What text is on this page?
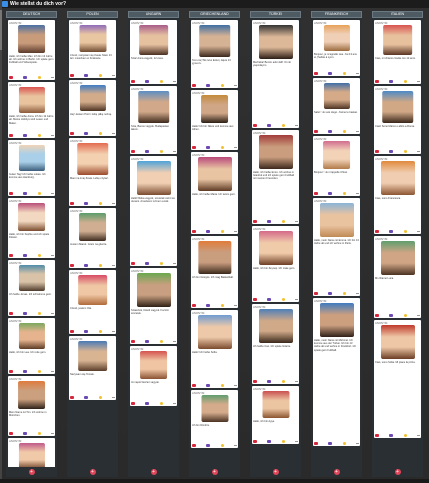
Wie stellst du dich vor?
DEUTSCH
ANONYM
Hallo, ich heiße Max. Ich bin 13 Jahre alt. Ich wohne in Berlin. Ich spiele gern Fußball und Videospiele.
ANONYM
Hallo, ich heiße Anna. Ich bin 12 Jahre alt. Meine Hobbys sind Lesen und Malen.
ANONYM
Guten Tag! Ich heiße Lukas. Ich komme aus Hamburg.
ANONYM
Hallo, ich bin Sophie und ich spiele Klavier.
ANONYM
Ich heiße Jonas. Ich schwimme gern.
ANONYM
Hallo, ich bin Lea. Ich reite gern.
ANONYM
Mein Name ist Tim. Ich wohne in München.
ANONYM
+
POLEN
ANONYM
Cześć, nazywam się Kasia. Mam 13 lat i mieszkam w Krakowie.
ANONYM
Hej! Jestem Piotr i lubię piłkę nożną.
ANONYM
Mam na imię Zosia. Lubię czytać.
ANONYM
Jestem Marek. Gram na gitarze.
ANONYM
Cześć, jestem Ola.
ANONYM
Nazywam się Tomek.
+
UNGARN
ANONYM
Szia! Anna vagyok, 12 éves.
ANONYM
Szia, Bence vagyok. Budapesten lakom.
ANONYM
Helló! Réka vagyok, szeretek úszni és olvasni. A kedvenc színem a kék.
ANONYM
Sziasztok, Dávid vagyok. Focizni szeretek.
ANONYM
Jó napot! Eszter vagyok.
+
GRIECHENLAND
ANONYM
Γεια σας! Με λένε Ελένη. Είμαι 13 χρονών.
ANONYM
Hallo! Ich bin Nikos und komme aus Athen.
ANONYM
Hallo, ich heiße Maria. Ich tanze gern.
ANONYM
Ich bin Giorgos. Ich mag Basketball.
ANONYM
Hallo! Ich heiße Sofia.
ANONYM
Ich bin Dimitris.
+
TÜRKEI
ANONYM
Merhaba! Benim adım Elif. On iki yaşındayım.
ANONYM
Hallo, ich heiße Emre. Ich wohne in Istanbul und ich spiele gern Fußball mit meinen Freunden.
ANONYM
Hallo, ich bin Zeynep. Ich male gern.
ANONYM
Ich heiße Can. Ich spiele Gitarre.
ANONYM
Hallo, ich bin Ayşe.
+
FRANKREICH
ANONYM
Bonjour, je m'appelle Léa. J'ai 13 ans et j'habite à Lyon.
ANONYM
Salut ! Je suis Hugo. J'aime le basket.
ANONYM
Bonjour ! Je m'appelle Chloé.
ANONYM
Hallo, mein Name ist Emma. Ich bin 13 Jahre alt und ich wohne in Paris.
ANONYM
Hallo, mein Name ist Mehmet. Ich komme aus der Türkei. Ich bin 13 Jahre alt und wohne in Frankfurt. Ich spiele gern Fußball.
+
ITALIEN
ANONYM
Ciao, mi chiamo Giulia. Ho 12 anni.
ANONYM
Ciao! Sono Marco e abito a Roma.
ANONYM
Ciao, sono Francesca.
ANONYM
Mi chiamo Luca.
ANONYM
Ciao, sono Sofia. Mi piace la pizza.
+
